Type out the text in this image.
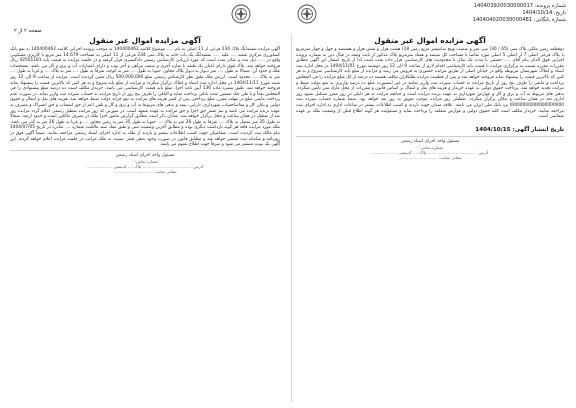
شماره پرونده: 140403920030000017
تاریخ: 1404/10/14
شماره بایگانی: 140404020030000481
صفحه ۲ از ۲
آگهی مزایده اموال غیر منقول

دوقطعه زمین ملکی پلاک ثبتی (65 / 30) سی متر و شصت وپنج سانتیمتر مربع زمین 18) هشت هزار و شش هزار و هشتصد و چهل و چهار مترمربع با پلاک فرعی اصلی 7 از اصلی 5 اصلی مورد تقاضا با مساحت کل سیصد و هفتاد مترمربع پلاک مذکور از بابت وثیقه در قبال دین به شماره پرونده اجرایی فوق الذکر بنام آقای ..... حقیقی با مدت یک سال با محدودیت های کارشناسی قرار داده شده است لذا از تاریخ انتشار این آگهی مطابق مقررات مقرره نسبت به برگزاری مزایده با قیمت پایه کارشناسی اقدام لازم از ساعت 9 الی 12 روز دوشنبه مورخ 1404/11/01 در محل اداره ثبت اسناد و املاک شهرستان مربوطه واقع در خیابان اصلی از طریق مزایده حضوری به فروش می رسد و مزایده از مبلغ پایه کارشناسی شروع و به هر کس که بالاترین قیمت را پیشنهاد نماید فروخته خواهد شد و پس از قطعیت مزایده طلبکاران مکلف هستند ده درصد از کل مبلغ مزایده را فی المجلس پرداخت و مابقی را ظرف پنج روز از تاریخ مزایده به حساب سپرده ثبت واریز نمایند در غیر اینصورت مبلغ ده درصد واریزی به نفع دولت ضبط و مزایده تجدید خواهد شد. پرداخت حقوق دولتی به عهده خریدار و هزینه های نقل و انتقال بر اساس قانون و مقررات از محل مازاد ثمن تامین میگردد. بدهی های مربوط به آب و برق و گاز و عوارض شهرداری به عهده برنده مزایده است و چنانچه مزایده به هر دلیلی در روز مقرر تشکیل نشود روز اداری بعد در همان ساعت و مکان برگزار میگردد. تعطیلی روز مزایده موجب تعویق به روز بعد خواهد بود. ضمناً شماره حساب سپرده ثبت IR000000000000000000 نزد بانک ملی ایران می باشد. علاقه مندان جهت بازدید و کسب اطلاعات بیشتر در ساعات اداری به اداره اجرای ثبت مراجعه نمایند. خریدار مکلف است کلیه حقوق دولتی و عوارض متعلقه را پرداخت نماید و مسئولیت هر گونه اطلاع قبلی از وضعیت ملک بر عهده متقاضی است.

تاریخ انتشار آگهی: 1404/10/15
مسئول واحد اجرای اسناد رسمی
شماره تماس: -
آدرس: ...................................... پلاک .... کدپستی ....................
نشانی سایت: ...............................
آگهی مزایده اموال غیر منقول

آگهی مزایده ششدانگ پلاک 234 فرعی از 11 اصلی به نام ..... موضوع کلاسه 140400462 به موجب پرونده اجرایی کلاسه 140400462 به نفع بانک کشاورزی مرکزی شعبه .... علیه ..... ششدانگ یک باب خانه به پلاک ثبتی 234 فرعی از 11 اصلی به مساحت 14.679 متر مربع با کاربری مسکونی واقع در ..... ذیل ثبت و صادر شده است که مورد ارزیابی کارشناس رسمی دادگستری قرار گرفته و در جلسه مزایده به قیمت پایه 42501181 ریال فروخته خواهد شد. پلاک فوق دارای اعیان یک طبقه با سازه آجری و سقف تیرآهن و آجر بوده و دارای امتیازات آب و برق و گاز می باشد. مشخصات ملک و حدود آن: شمالا به طول .... متر دیوار به دیوار پلاک مجاور، جنوبا به طول .... متر به کوچه، شرقا به طول .... متر به پلاک .... و غربا به طول .... متر به پلاک .... محدود است. ارزش ملک طبق نظر کارشناس رسمی مبلغ 500,000,000 ریال تعیین گردیده است. مزایده از ساعت 9 الی 12 روز شنبه مورخ 1404/11/11 در محل اداره ثبت اسناد و املاک برگزار میگردد و مزایده از مبلغ پایه شروع و به هر کس که بالاترین قیمت را پیشنهاد نماید فروخته خواهد شد. طبق تبصره ماده 136 آیین نامه اجرا، مبلغ پایه قیمت کارشناسی می باشد. خریدار مکلف است ده درصد مبلغ پیشنهادی را فی المجلس نقداً و یا طی چک تضمین شده بانکی پرداخت نماید و الباقی را ظرف پنج روز از تاریخ مزایده به حساب سپرده ثبت واریز نماید. در صورت عدم پرداخت مابقی مبلغ در مهلت مقرر، مبلغ پرداختی پس از کسر هزینه های مزایده به نفع خزانه دولت ضبط خواهد شد. هزینه های نقل و انتقال و حقوق دولتی و پایان کار و مفاصاحساب شهرداری، دارایی، بیمه و بدهی های مربوط به آب و برق و گاز و تلفن اعم از حق انشعاب و حق اشتراک و مصرف به عهده برنده مزایده می باشد و نیم عشر حق اجرا و حق مزایده به عهده متعهد است. در صورتی که روز مزایده تعطیل رسمی اعلام گردد مزایده روز بعد از تعطیل در همان ساعت و محل برگزار خواهد شد. شایان ذکر است مطابق گزارش مامور اجرا ملک در تصرف مالکین است و حدود اربعه: شمالا به طول 35 متر متصل به پلاک .... شرقا به طول 26 متر به پلاک .... جنوبا به طول 35 متر به زمین مجاور .... و غربا به طول 26 متر به گذر می باشد. ملک مورد مزایده فاقد هر گونه بازداشت دیگری بوده و مطابق آخرین وضعیت ثبتی و طبق مفاد سند مالکیت شماره .... صادره در تاریخ 1404/07/05 بنام مالک ثبت گردیده است. متقاضیان جهت کسب اطلاعات بیشتر و بازدید از ملک به اداره اجرای اسناد رسمی مراجعه نمایند. ضمناً آگهی فوق در روزنامه و سامانه ثبت منتشر خواهد شد و مطابق قانون در صورت وجود بدهی قبلی نسبت به ملک مراتب در جلسه مزایده اعلام خواهد گردید. این آگهی یک نوبت منتشر می شود و صرفاً جهت اطلاع عموم می باشد.

مسئول واحد اجرای اسناد رسمی
شماره تماس: -
آدرس: ...................................... پلاک .... کدپستی ....................
نشانی سایت: ...............................
